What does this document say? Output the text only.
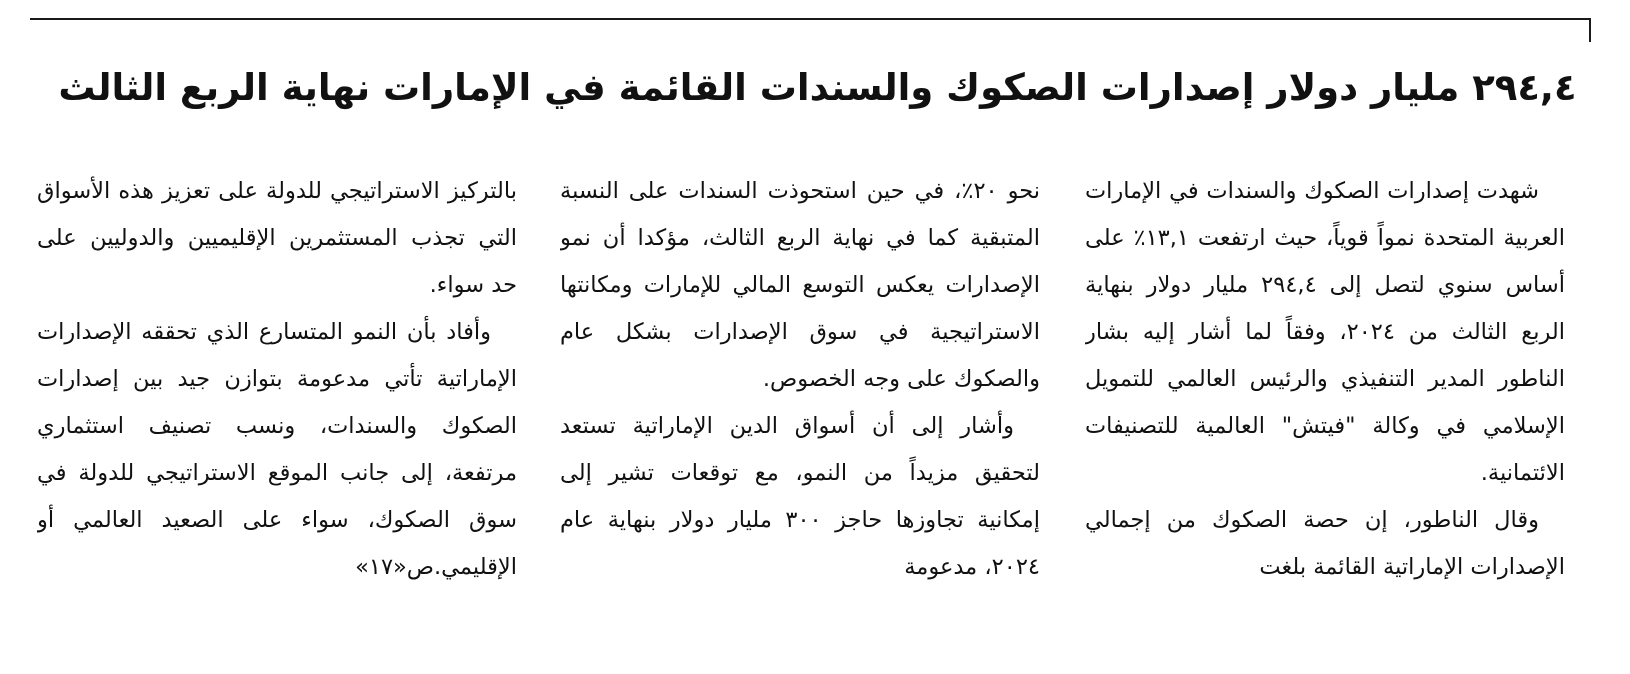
٢٩٤,٤ مليار دولار إصدارات الصكوك والسندات القائمة في الإمارات نهاية الربع الثالث

شهدت إصدارات الصكوك والسندات في الإمارات العربية المتحدة نمواً قوياً، حيث ارتفعت ١٣,١٪ على أساس سنوي لتصل إلى ٢٩٤,٤ مليار دولار بنهاية الربع الثالث من ٢٠٢٤، وفقاً لما أشار إليه بشار الناطور المدير التنفيذي والرئيس العالمي للتمويل الإسلامي في وكالة "فيتش" العالمية للتصنيفات الائتمانية.

وقال الناطور، إن حصة الصكوك من إجمالي الإصدارات الإماراتية القائمة بلغت

نحو ٢٠٪، في حين استحوذت السندات على النسبة المتبقية كما في نهاية الربع الثالث، مؤكدا أن نمو الإصدارات يعكس التوسع المالي للإمارات ومكانتها الاستراتيجية في سوق الإصدارات بشكل عام والصكوك على وجه الخصوص.

وأشار إلى أن أسواق الدين الإماراتية تستعد لتحقيق مزيداً من النمو، مع توقعات تشير إلى إمكانية تجاوزها حاجز ٣٠٠ مليار دولار بنهاية عام ٢٠٢٤، مدعومة

بالتركيز الاستراتيجي للدولة على تعزيز هذه الأسواق التي تجذب المستثمرين الإقليميين والدوليين على حد سواء.

وأفاد بأن النمو المتسارع الذي تحققه الإصدارات الإماراتية تأتي مدعومة بتوازن جيد بين إصدارات الصكوك والسندات، ونسب تصنيف استثماري مرتفعة، إلى جانب الموقع الاستراتيجي للدولة في سوق الصكوك، سواء على الصعيد العالمي أو الإقليمي.ص«١٧»
